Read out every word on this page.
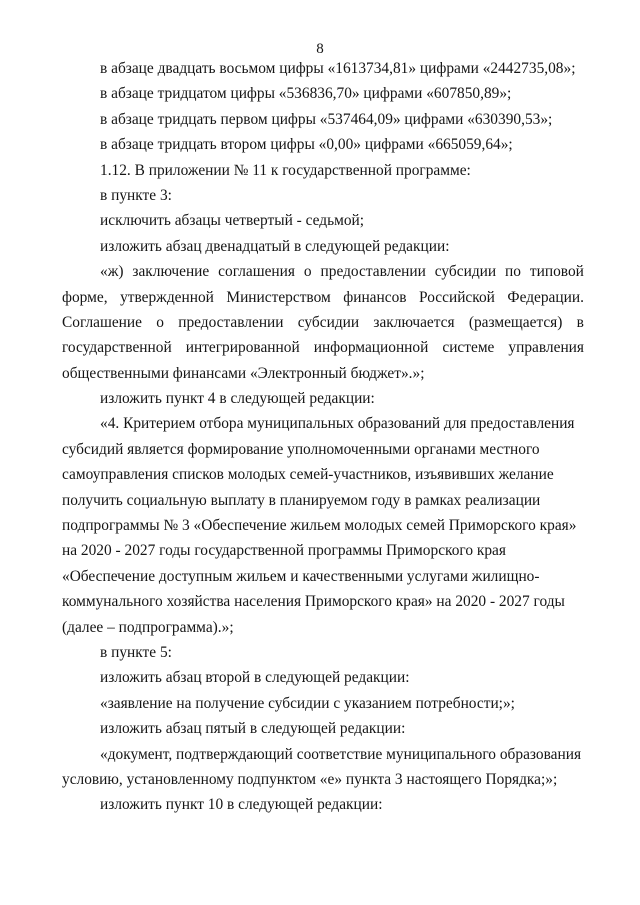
8
в абзаце двадцать восьмом цифры «1613734,81» цифрами «2442735,08»;
в абзаце тридцатом цифры «536836,70» цифрами «607850,89»;
в абзаце тридцать первом цифры «537464,09» цифрами «630390,53»;
в абзаце тридцать втором цифры «0,00» цифрами «665059,64»;
1.12. В приложении № 11 к государственной программе:
в пункте 3:
исключить абзацы четвертый - седьмой;
изложить абзац двенадцатый в следующей редакции:
«ж) заключение соглашения о предоставлении субсидии по типовой
форме, утвержденной Министерством финансов Российской Федерации.
Соглашение о предоставлении субсидии заключается (размещается) в
государственной интегрированной информационной системе управления
общественными финансами «Электронный бюджет».»;
изложить пункт 4 в следующей редакции:
«4. Критерием отбора муниципальных образований для предоставления
субсидий является формирование уполномоченными органами местного
самоуправления списков молодых семей-участников, изъявивших желание
получить социальную выплату в планируемом году в рамках реализации
подпрограммы № 3 «Обеспечение жильем молодых семей Приморского края»
на 2020 - 2027 годы государственной программы Приморского края
«Обеспечение доступным жильем и качественными услугами жилищно-
коммунального хозяйства населения Приморского края» на 2020 - 2027 годы
(далее – подпрограмма).»;
в пункте 5:
изложить абзац второй в следующей редакции:
«заявление на получение субсидии с указанием потребности;»;
изложить абзац пятый в следующей редакции:
«документ, подтверждающий соответствие муниципального образования
условию, установленному подпунктом «е» пункта 3 настоящего Порядка;»;
изложить пункт 10 в следующей редакции:
